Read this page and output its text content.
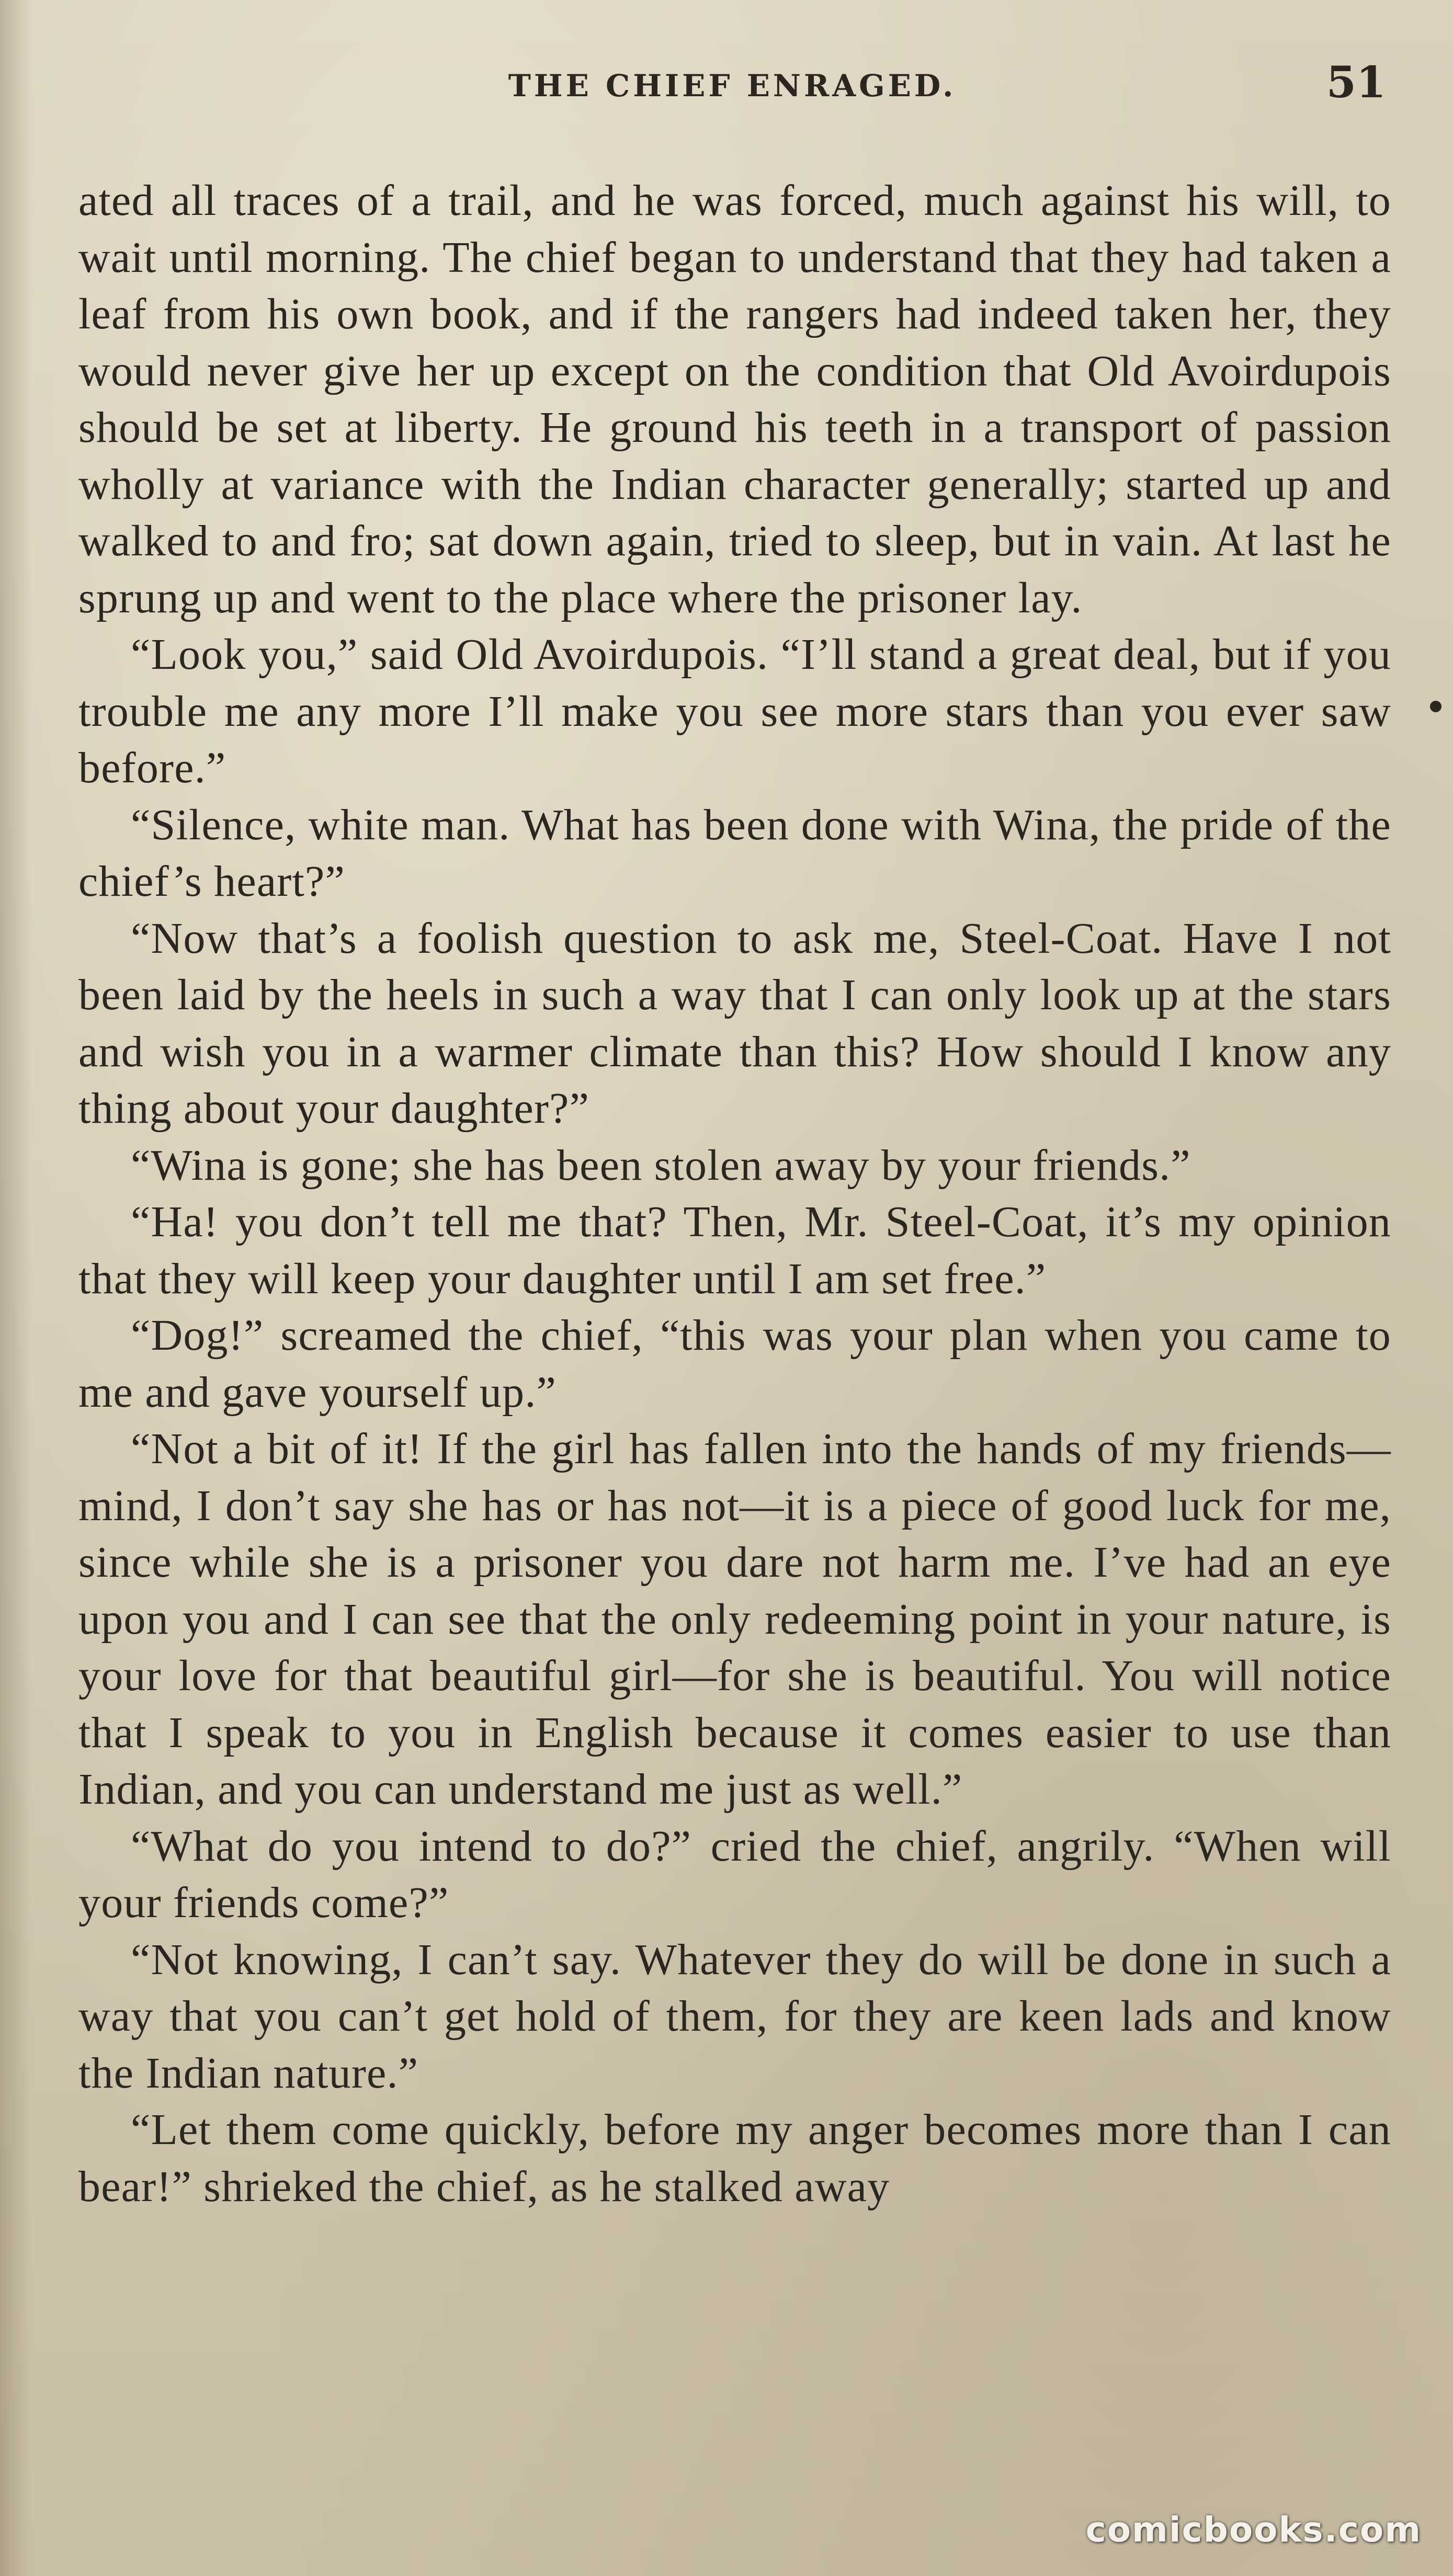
THE CHIEF ENRAGED.	51

ated all traces of a trail, and he was forced, much against his will, to wait until morning. The chief began to understand that they had taken a leaf from his own book, and if the rangers had indeed taken her, they would never give her up except on the condition that Old Avoirdupois should be set at liberty. He ground his teeth in a transport of passion wholly at variance with the Indian character generally; started up and walked to and fro; sat down again, tried to sleep, but in vain. At last he sprung up and went to the place where the prisoner lay.

“Look you,” said Old Avoirdupois. “I’ll stand a great deal, but if you trouble me any more I’ll make you see more stars than you ever saw before.”

“Silence, white man. What has been done with Wina, the pride of the chief’s heart?”

“Now that’s a foolish question to ask me, Steel-Coat. Have I not been laid by the heels in such a way that I can only look up at the stars and wish you in a warmer climate than this? How should I know any thing about your daughter?”

“Wina is gone; she has been stolen away by your friends.”

“Ha! you don’t tell me that? Then, Mr. Steel-Coat, it’s my opinion that they will keep your daughter until I am set free.”

“Dog!” screamed the chief, “this was your plan when you came to me and gave yourself up.”

“Not a bit of it! If the girl has fallen into the hands of my friends—mind, I don’t say she has or has not—it is a piece of good luck for me, since while she is a prisoner you dare not harm me. I’ve had an eye upon you and I can see that the only redeeming point in your nature, is your love for that beautiful girl—for she is beautiful. You will notice that I speak to you in English because it comes easier to use than Indian, and you can understand me just as well.”

“What do you intend to do?” cried the chief, angrily. “When will your friends come?”

“Not knowing, I can’t say. Whatever they do will be done in such a way that you can’t get hold of them, for they are keen lads and know the Indian nature.”

“Let them come quickly, before my anger becomes more than I can bear!” shrieked the chief, as he stalked away

comicbooks.com
